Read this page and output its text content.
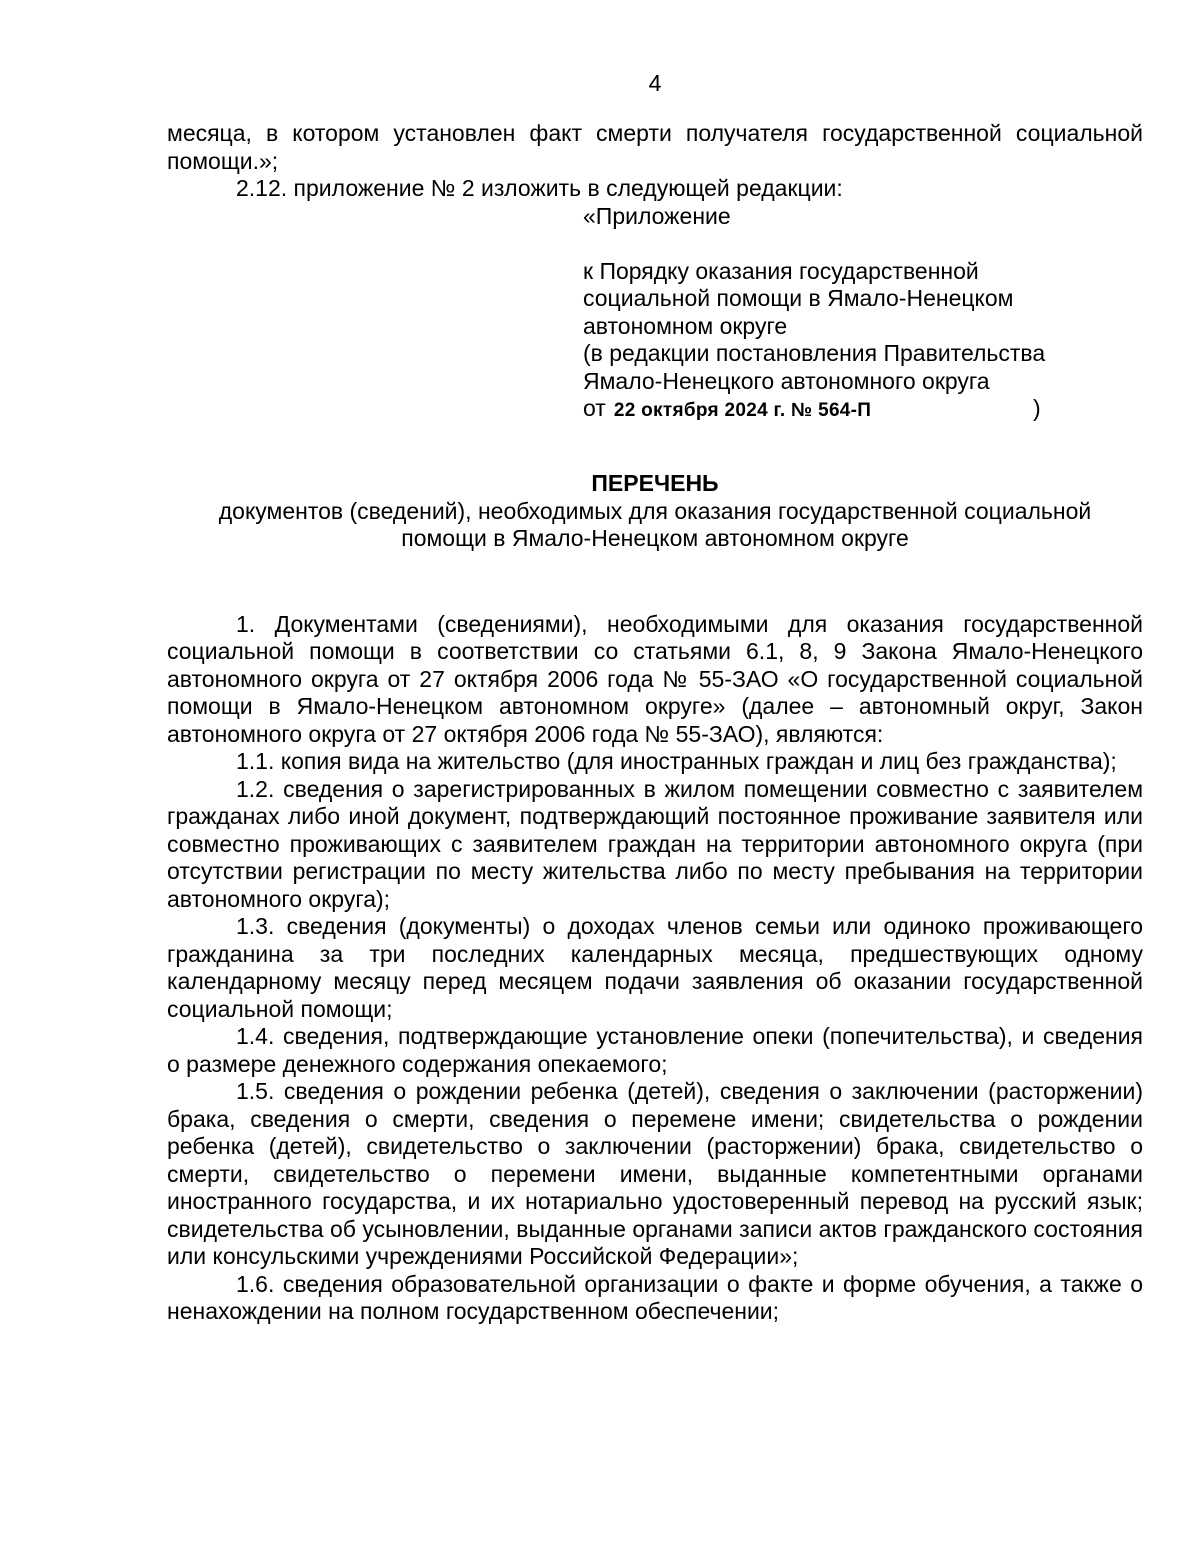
4

месяца, в котором установлен факт смерти получателя государственной социальной помощи.»;

2.12. приложение № 2 изложить в следующей редакции:

«Приложение
к Порядку оказания государственной
социальной помощи в Ямало-Ненецком
автономном округе
(в редакции постановления Правительства
Ямало-Ненецкого автономного округа
от 22 октября 2024 г. № 564-П	)
ПЕРЕЧЕНЬ
документов (сведений), необходимых для оказания государственной социальной
помощи в Ямало-Ненецком автономном округе

1. Документами (сведениями), необходимыми для оказания государственной социальной помощи в соответствии со статьями 6.1, 8, 9 Закона Ямало-Ненецкого автономного округа от 27 октября 2006 года № 55-ЗАО «О государственной социальной помощи в Ямало-Ненецком автономном округе» (далее – автономный округ, Закон автономного округа от 27 октября 2006 года № 55-ЗАО), являются:

1.1. копия вида на жительство (для иностранных граждан и лиц без гражданства);

1.2. сведения о зарегистрированных в жилом помещении совместно с заявителем гражданах либо иной документ, подтверждающий постоянное проживание заявителя или совместно проживающих с заявителем граждан на территории автономного округа (при отсутствии регистрации по месту жительства либо по месту пребывания на территории автономного округа);

1.3. сведения (документы) о доходах членов семьи или одиноко проживающего гражданина за три последних календарных месяца, предшествующих одному календарному месяцу перед месяцем подачи заявления об оказании государственной социальной помощи;

1.4. сведения, подтверждающие установление опеки (попечительства), и сведения о размере денежного содержания опекаемого;

1.5. сведения о рождении ребенка (детей), сведения о заключении (расторжении) брака, сведения о смерти, сведения о перемене имени; свидетельства о рождении ребенка (детей), свидетельство о заключении (расторжении) брака, свидетельство о смерти, свидетельство о перемени имени, выданные компетентными органами иностранного государства, и их нотариально удостоверенный перевод на русский язык; свидетельства об усыновлении, выданные органами записи актов гражданского состояния или консульскими учреждениями Российской Федерации»;

1.6. сведения образовательной организации о факте и форме обучения, а также о ненахождении на полном государственном обеспечении;
